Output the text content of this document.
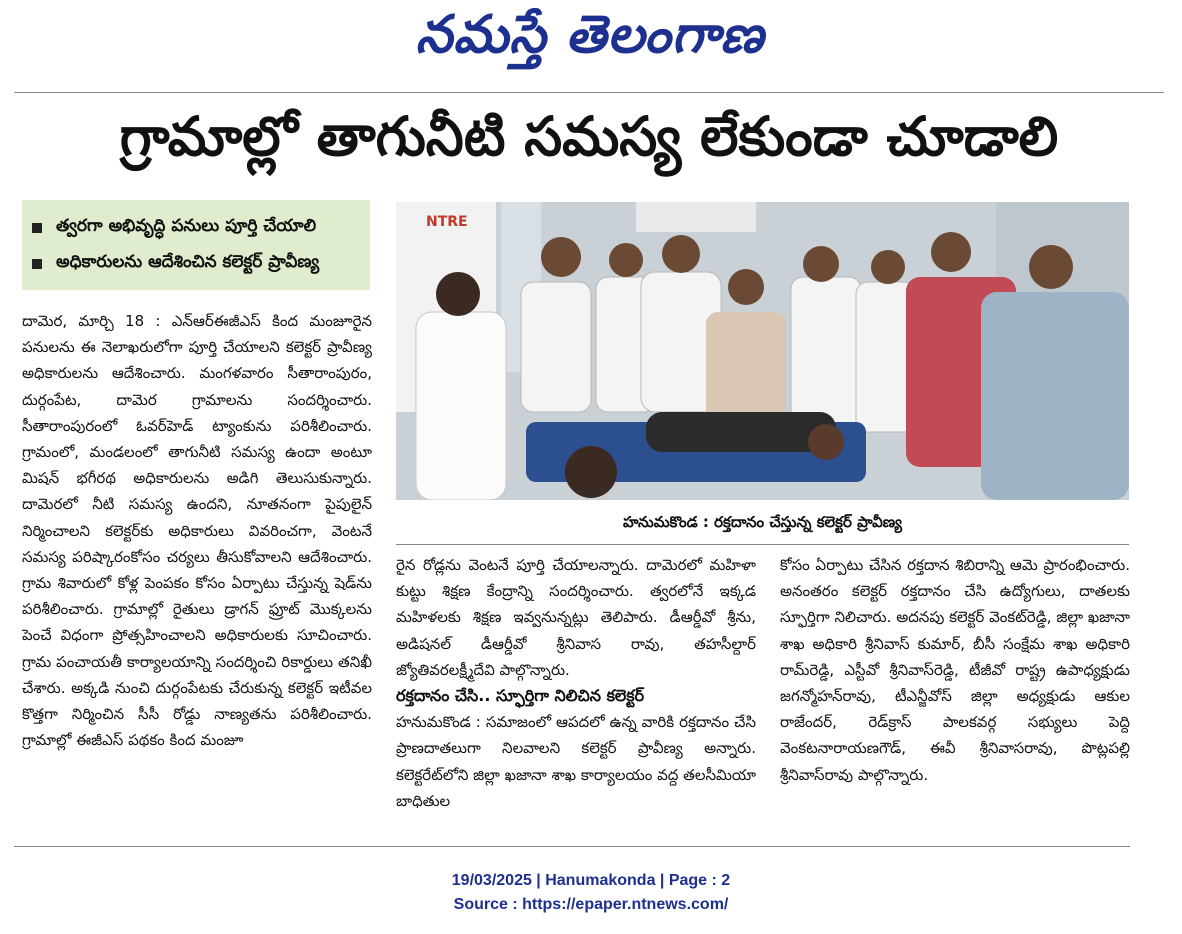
నమస్తే తెలంగాణ
గ్రామాల్లో తాగునీటి సమస్య లేకుండా చూడాలి
త్వరగా అభివృద్ధి పనులు పూర్తి చేయాలి
అధికారులను ఆదేశించిన కలెక్టర్ ప్రావీణ్య

దామెర, మార్చి 18 : ఎన్ఆర్ఈజీఎస్ కింద మంజూరైన పనులను ఈ నెలాఖరులోగా పూర్తి చేయాలని కలెక్టర్ ప్రావీణ్య అధికారులను ఆదేశించారు. మంగళవారం సీతారాంపురం, దుర్గంపేట, దామెర గ్రామాలను సందర్శించారు. సీతారాంపురంలో ఓవర్‌హెడ్ ట్యాంకును పరిశీలించారు. గ్రామంలో, మండలంలో తాగునీటి సమస్య ఉందా అంటూ మిషన్ భగీరథ అధికారులను అడిగి తెలుసుకున్నారు. దామెరలో నీటి సమస్య ఉందని, నూతనంగా పైపులైన్ నిర్మించాలని కలెక్టర్‌కు అధికారులు వివరించగా, వెంటనే సమస్య పరిష్కారంకోసం చర్యలు తీసుకోవాలని ఆదేశించారు. గ్రామ శివారులో కోళ్ల పెంపకం కోసం ఏర్పాటు చేస్తున్న షెడ్‌ను పరిశీలించారు. గ్రామాల్లో రైతులు డ్రాగన్ ఫ్రూట్ మొక్కలను పెంచే విధంగా ప్రోత్సహించాలని అధికారులకు సూచించారు. గ్రామ పంచాయతీ కార్యాలయాన్ని సందర్శించి రికార్డులు తనిఖీ చేశారు. అక్కడి నుంచి దుర్గంపేటకు చేరుకున్న కలెక్టర్ ఇటీవల కొత్తగా నిర్మించిన సీసీ రోడ్డు నాణ్యతను పరిశీలించారు. గ్రామాల్లో ఈజీఎస్ పథకం కింద మంజూ

NTRE
హనుమకొండ : రక్తదానం చేస్తున్న కలెక్టర్ ప్రావీణ్య

రైన రోడ్లను వెంటనే పూర్తి చేయాలన్నారు. దామెరలో మహిళా కుట్టు శిక్షణ కేంద్రాన్ని సందర్శించారు. త్వరలోనే ఇక్కడ మహిళలకు శిక్షణ ఇవ్వనున్నట్లు తెలిపారు. డీఆర్డీవో శ్రీను, అడిషనల్ డీఆర్డీవో శ్రీనివాస రావు, తహసీల్దార్ జ్యోతివరలక్ష్మీదేవి పాల్గొన్నారు.

రక్తదానం చేసి.. స్ఫూర్తిగా నిలిచిన కలెక్టర్

హనుమకొండ : సమాజంలో ఆపదలో ఉన్న వారికి రక్తదానం చేసి ప్రాణదాతలుగా నిలవాలని కలెక్టర్ ప్రావీణ్య అన్నారు. కలెక్టరేట్‌లోని జిల్లా ఖజానా శాఖ కార్యాలయం వద్ద తలసీమియా బాధితుల

కోసం ఏర్పాటు చేసిన రక్తదాన శిబిరాన్ని ఆమె ప్రారంభించారు. అనంతరం కలెక్టర్ రక్తదానం చేసి ఉద్యోగులు, దాతలకు స్ఫూర్తిగా నిలిచారు. అదనపు కలెక్టర్ వెంకట్‌రెడ్డి, జిల్లా ఖజానా శాఖ అధికారి శ్రీనివాస్ కుమార్, బీసీ సంక్షేమ శాఖ అధికారి రామ్‌రెడ్డి, ఎస్టీవో శ్రీనివాస్‌రెడ్డి, టీజీవో రాష్ట్ర ఉపాధ్యక్షుడు జగన్మోహన్‌రావు, టీఎన్జీవోస్ జిల్లా అధ్యక్షుడు ఆకుల రాజేందర్, రెడ్‌క్రాస్ పాలకవర్గ సభ్యులు పెద్ది వెంకటనారాయణగౌడ్, ఈవీ శ్రీనివాసరావు, పొట్లపల్లి శ్రీనివాస్‌రావు పాల్గొన్నారు.

19/03/2025 | Hanumakonda | Page : 2
Source : https://epaper.ntnews.com/
